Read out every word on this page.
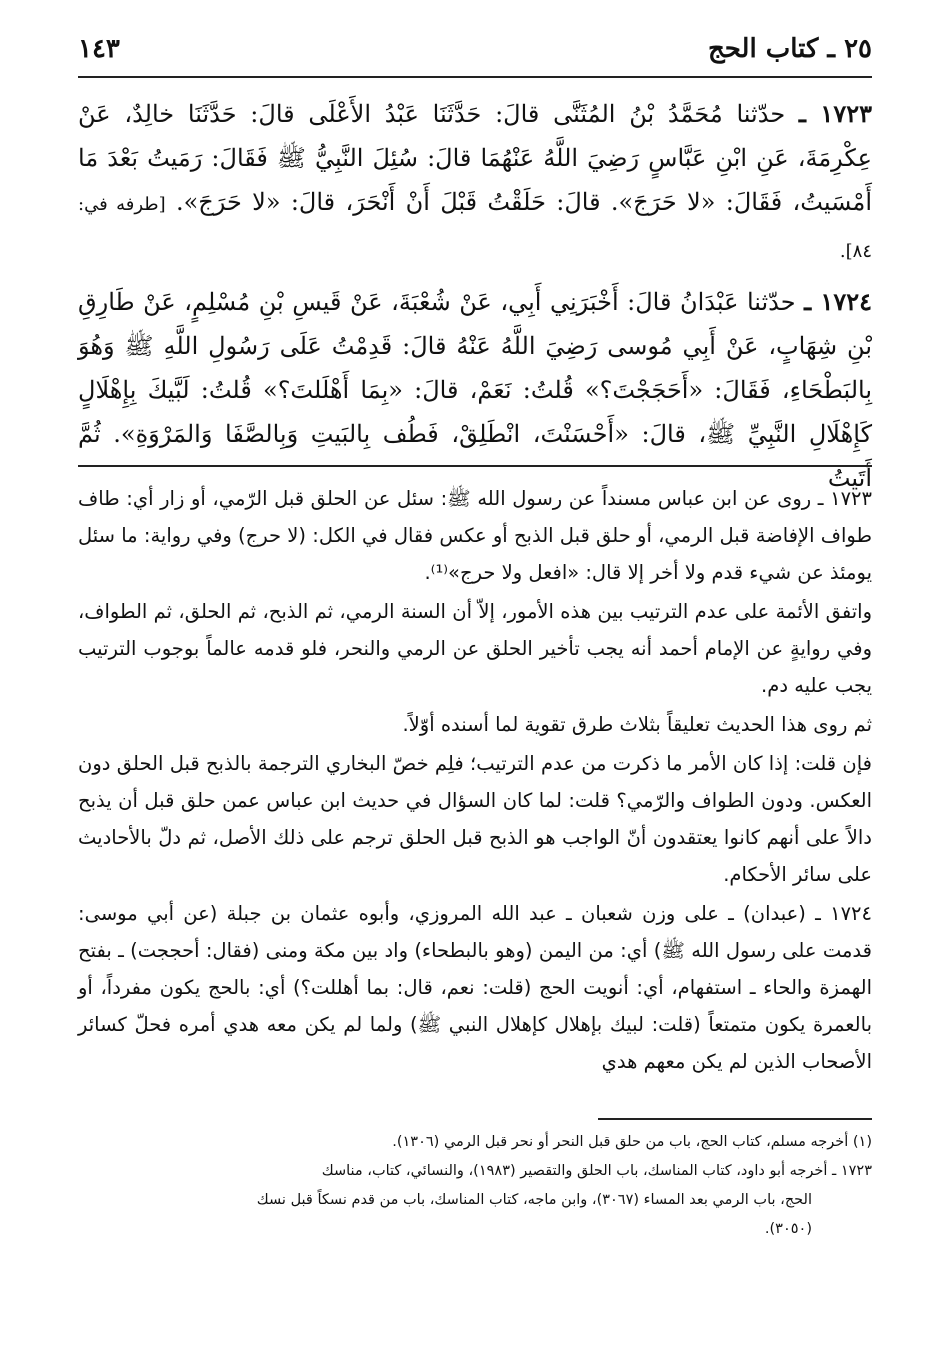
٢٥ ـ كتاب الحج
١٤٣

١٧٢٣ ـ حدّثنا مُحَمَّدُ بْنُ المُثَنَّى قالَ: حَدَّثَنَا عَبْدُ الأَعْلَى قالَ: حَدَّثَنَا خالِدٌ، عَنْ عِكْرِمَةَ، عَنِ ابْنِ عَبَّاسٍ رَضِيَ اللَّهُ عَنْهُمَا قالَ: سُئِلَ النَّبِيُّ ﷺ فَقَالَ: رَمَيتُ بَعْدَ مَا أَمْسَيتُ، فَقَالَ: «لا حَرَجَ». قالَ: حَلَقْتُ قَبْلَ أَنْ أَنْحَرَ، قالَ: «لا حَرَجَ». [طرفه في: ٨٤].

١٧٢٤ ـ حدّثنا عَبْدَانُ قالَ: أَخْبَرَنِي أَبِي، عَنْ شُعْبَةَ، عَنْ قَيسِ بْنِ مُسْلِمٍ، عَنْ طَارِقِ بْنِ شِهَابٍ، عَنْ أَبِي مُوسى رَضِيَ اللَّهُ عَنْهُ قالَ: قَدِمْتُ عَلَى رَسُولِ اللَّهِ ﷺ وَهُوَ بِالبَطْحَاءِ، فَقَالَ: «أَحَجَجْتَ؟» قُلتُ: نَعَمْ، قالَ: «بِمَا أَهْلَلتَ؟» قُلتُ: لَبَّيكَ بِإِهْلَالٍ كَإِهْلَالِ النَّبِيِّ ﷺ، قالَ: «أَحْسَنْتَ، انْطَلِقْ، فَطُف بِالبَيتِ وَبِالصَّفَا وَالمَرْوَةِ». ثُمَّ أَتَيتُ

١٧٢٣ ـ روى عن ابن عباس مسنداً عن رسول الله ﷺ: سئل عن الحلق قبل الرّمي، أو زار أي: طاف طواف الإفاضة قبل الرمي، أو حلق قبل الذبح أو عكس فقال في الكل: (لا حرج) وفي رواية: ما سئل يومئذ عن شيء قدم ولا أخر إلا قال: «افعل ولا حرج»⁽¹⁾.

واتفق الأئمة على عدم الترتيب بين هذه الأمور، إلاّ أن السنة الرمي، ثم الذبح، ثم الحلق، ثم الطواف، وفي روايةٍ عن الإمام أحمد أنه يجب تأخير الحلق عن الرمي والنحر، فلو قدمه عالماً بوجوب الترتيب يجب عليه دم.

ثم روى هذا الحديث تعليقاً بثلاث طرق تقوية لما أسنده أوّلاً.

فإن قلت: إذا كان الأمر ما ذكرت من عدم الترتيب؛ فلِم خصّ البخاري الترجمة بالذبح قبل الحلق دون العكس. ودون الطواف والرّمي؟ قلت: لما كان السؤال في حديث ابن عباس عمن حلق قبل أن يذبح دالاً على أنهم كانوا يعتقدون أنّ الواجب هو الذبح قبل الحلق ترجم على ذلك الأصل، ثم دلّ بالأحاديث على سائر الأحكام.

١٧٢٤ ـ (عبدان) ـ على وزن شعبان ـ عبد الله المروزي، وأبوه عثمان بن جبلة (عن أبي موسى: قدمت على رسول الله ﷺ) أي: من اليمن (وهو بالبطحاء) واد بين مكة ومنى (فقال: أحججت) ـ بفتح الهمزة والحاء ـ استفهام، أي: أنويت الحج (قلت: نعم، قال: بما أهللت؟) أي: بالحج يكون مفرداً، أو بالعمرة يكون متمتعاً (قلت: لبيك بإهلال كإهلال النبي ﷺ) ولما لم يكن معه هدي أمره فحلّ كسائر الأصحاب الذين لم يكن معهم هدي

(١) أخرجه مسلم، كتاب الحج، باب من حلق قبل النحر أو نحر قبل الرمي (١٣٠٦).

١٧٢٣ ـ أخرجه أبو داود، كتاب المناسك، باب الحلق والتقصير (١٩٨٣)، والنسائي، كتاب، مناسك

الحج، باب الرمي بعد المساء (٣٠٦٧)، وابن ماجه، كتاب المناسك، باب من قدم نسكاً قبل نسك

(٣٠٥٠).
